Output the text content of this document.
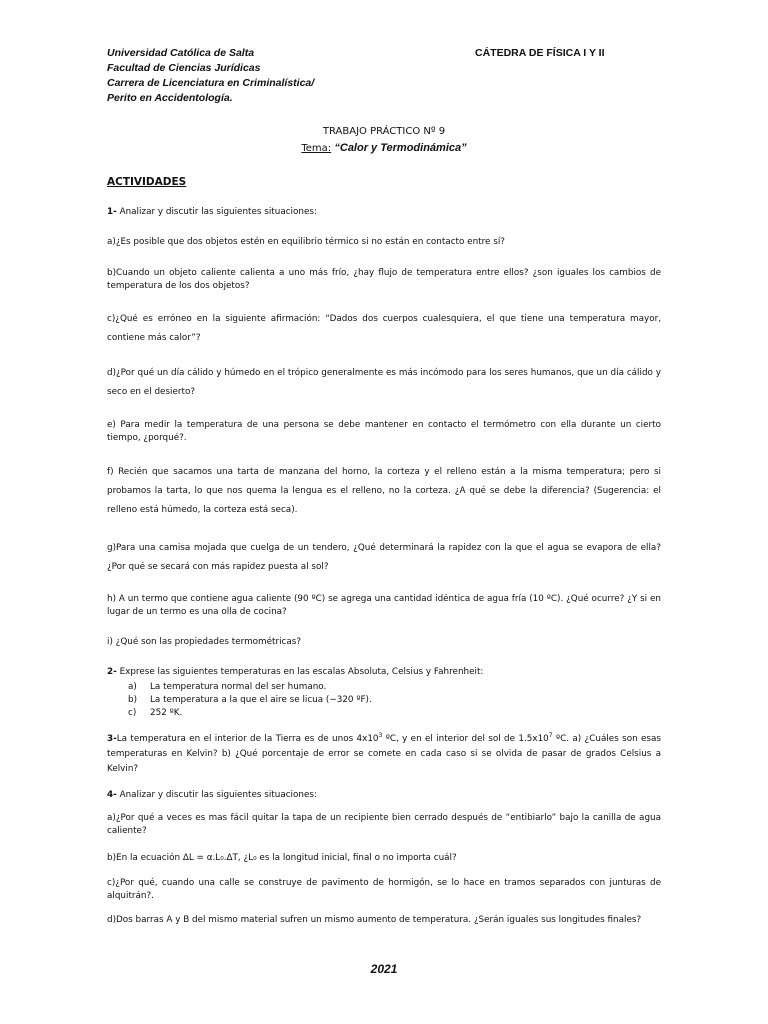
Universidad Católica de Salta
Facultad de Ciencias Jurídicas
Carrera de Licenciatura en Criminalística/
Perito en Accidentología.
CÁTEDRA DE FÍSICA I Y II
TRABAJO PRÁCTICO Nº 9
Tema: “Calor y Termodinámica”
ACTIVIDADES
1- Analizar y discutir las siguientes situaciones:
a)¿Es posible que dos objetos estén en equilibrio térmico si no están en contacto entre sí?
b)Cuando un objeto caliente calienta a uno más frío, ¿hay flujo de temperatura entre ellos? ¿son iguales los cambios de temperatura de los dos objetos?
c)¿Qué es erróneo en la siguiente afirmación: “Dados dos cuerpos cualesquiera, el que tiene una temperatura mayor, contiene más calor”?
d)¿Por qué un día cálido y húmedo en el trópico generalmente es más incómodo para los seres humanos, que un día cálido y seco en el desierto?
e) Para medir la temperatura de una persona se debe mantener en contacto el termómetro con ella durante un cierto tiempo, ¿porqué?.
f) Recién que sacamos una tarta de manzana del horno, la corteza y el relleno están a la misma temperatura; pero si probamos la tarta, lo que nos quema la lengua es el relleno, no la corteza. ¿A qué se debe la diferencia? (Sugerencia: el relleno está húmedo, la corteza está seca).
g)Para una camisa mojada que cuelga de un tendero, ¿Qué determinará la rapidez con la que el agua se evapora de ella? ¿Por qué se secará con más rapidez puesta al sol?
h) A un termo que contiene agua caliente (90 ºC) se agrega una cantidad idéntica de agua fría (10 ºC). ¿Qué ocurre? ¿Y si en lugar de un termo es una olla de cocina?
i) ¿Qué son las propiedades termométricas?
2- Exprese las siguientes temperaturas en las escalas Absoluta, Celsius y Fahrenheit:
a) La temperatura normal del ser humano.
b) La temperatura a la que el aire se licua (−320 ºF).
c) 252 ºK.
3-La temperatura en el interior de la Tierra es de unos $4x10^3$ ºC, y en el interior del sol de $1.5x10^7$ ºC. a) ¿Cuáles son esas temperaturas en Kelvin? b) ¿Qué porcentaje de error se comete en cada caso si se olvida de pasar de grados Celsius a Kelvin?
4- Analizar y discutir las siguientes situaciones:
a)¿Por qué a veces es mas fácil quitar la tapa de un recipiente bien cerrado después de “entibiarlo” bajo la canilla de agua caliente?
b)En la ecuación ΔL = α.L₀.ΔT, ¿L₀ es la longitud inicial, final o no importa cuál?
c)¿Por qué, cuando una calle se construye de pavimento de hormigón, se lo hace en tramos separados con junturas de alquitrán?.
d)Dos barras A y B del mismo material sufren un mismo aumento de temperatura. ¿Serán iguales sus longitudes finales?
2021
